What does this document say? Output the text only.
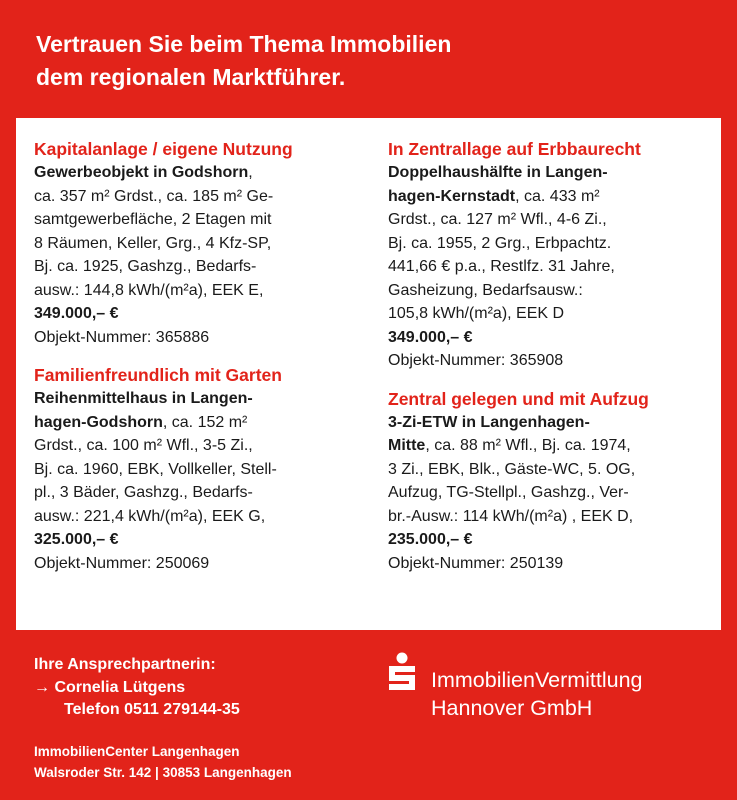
Vertrauen Sie beim Thema Immobilien
dem regionalen Marktführer.
Kapitalanlage / eigene Nutzung
Gewerbeobjekt in Godshorn,
ca. 357 m² Grdst., ca. 185 m² Ge-
samtgewerbefläche, 2 Etagen mit
8 Räumen, Keller, Grg., 4 Kfz-SP,
Bj. ca. 1925, Gashzg., Bedarfs-
ausw.: 144,8 kWh/(m²a), EEK E,
349.000,– €
Objekt-Nummer: 365886
Familienfreundlich mit Garten
Reihenmittelhaus in Langen-
hagen-Godshorn, ca. 152 m²
Grdst., ca. 100 m² Wfl., 3-5 Zi.,
Bj. ca. 1960, EBK, Vollkeller, Stell-
pl., 3 Bäder, Gashzg., Bedarfs-
ausw.: 221,4 kWh/(m²a), EEK G,
325.000,– €
Objekt-Nummer: 250069
In Zentrallage auf Erbbaurecht
Doppelhaushälfte in Langen-
hagen-Kernstadt, ca. 433 m²
Grdst., ca. 127 m² Wfl., 4-6 Zi.,
Bj. ca. 1955, 2 Grg., Erbpachtz.
441,66 € p.a., Restlfz. 31 Jahre,
Gasheizung, Bedarfsausw.:
105,8 kWh/(m²a), EEK D
349.000,– €
Objekt-Nummer: 365908
Zentral gelegen und mit Aufzug
3-Zi-ETW in Langenhagen-
Mitte, ca. 88 m² Wfl., Bj. ca. 1974,
3 Zi., EBK, Blk., Gäste-WC, 5. OG,
Aufzug, TG-Stellpl., Gashzg., Ver-
br.-Ausw.: 114 kWh/(m²a) , EEK D,
235.000,– €
Objekt-Nummer: 250139
Ihre Ansprechpartnerin:
→ Cornelia Lütgens
Telefon 0511 279144-35
ImmobilienCenter Langenhagen
Walsroder Str. 142 | 30853 Langenhagen
ImmobilienVermittlung
Hannover GmbH
